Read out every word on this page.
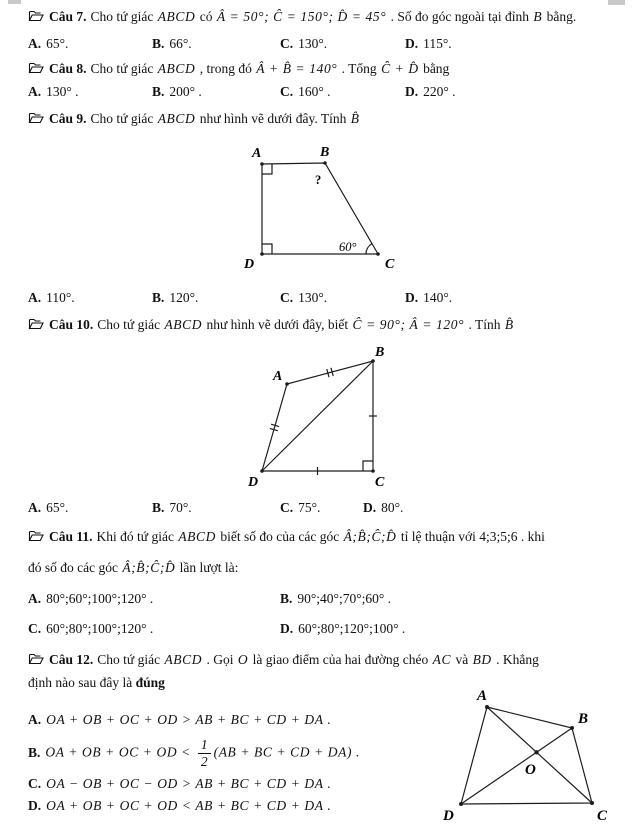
Câu 7. Cho tứ giác ABCD có Â = 50°; Ĉ = 150°; D̂ = 45° . Số đo góc ngoài tại đỉnh B bằng.
A. 65°.	B. 66°.	C. 130°.	D. 115°.
Câu 8. Cho tứ giác ABCD , trong đó Â + B̂ = 140° . Tổng Ĉ + D̂ bằng
A. 130° .	B. 200° .	C. 160° .	D. 220° .
Câu 9. Cho tứ giác ABCD như hình vẽ dưới đây. Tính B̂
A	B
C
D
?
60°
A. 110°.	B. 120°.	C. 130°.	D. 140°.
Câu 10. Cho tứ giác ABCD như hình vẽ dưới đây, biết Ĉ = 90°; Â = 120° . Tính B̂
A
B
C
D
A. 65°.	B. 70°.	C. 75°.	D. 80°.
Câu 11. Khi đó tứ giác ABCD biết số đo của các góc Â;B̂;Ĉ;D̂ tỉ lệ thuận với 4;3;5;6 . khi
đó số đo các góc Â;B̂;Ĉ;D̂ lần lượt là:
A. 80°;60°;100°;120° .	B. 90°;40°;70°;60° .
C. 60°;80°;100°;120° .	D. 60°;80°;120°;100° .
Câu 12. Cho tứ giác ABCD . Gọi O là giao điểm của hai đường chéo AC và BD . Khẳng
định nào sau đây là đúng
A. OA + OB + OC + OD > AB + BC + CD + DA .
B. OA + OB + OC + OD < $\frac{1}{2} (AB$ + BC + CD + DA) .
C. OA − OB + OC − OD > AB + BC + CD + DA .
D. OA + OB + OC + OD < AB + BC + CD + DA .
A
B
C
D
O
